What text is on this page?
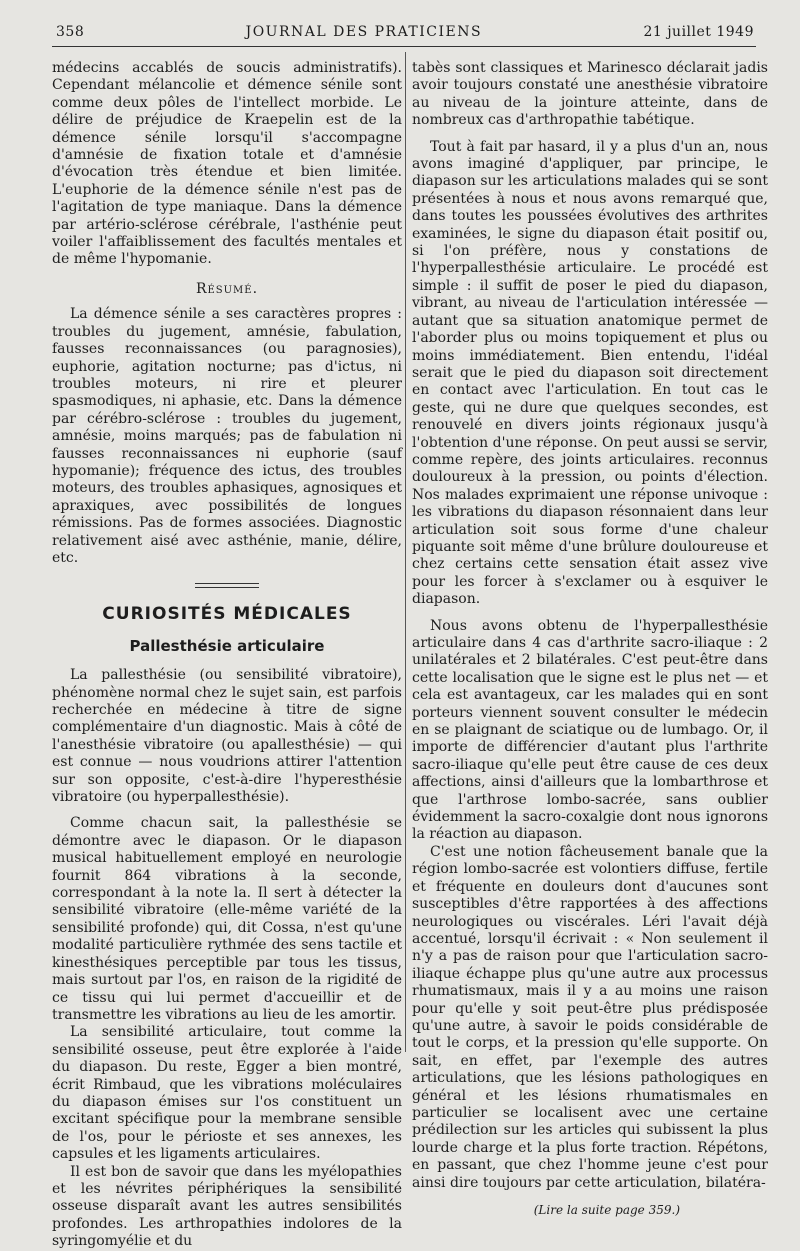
358	JOURNAL DES PRATICIENS	21 juillet 1949

médecins accablés de soucis administratifs). Cependant mélancolie et démence sénile sont comme deux pôles de l'intellect morbide. Le délire de préjudice de Kraepelin est de la démence sénile lorsqu'il s'accompagne d'amnésie de fixation totale et d'amnésie d'évocation très étendue et bien limitée. L'euphorie de la démence sénile n'est pas de l'agitation de type maniaque. Dans la démence par artério-sclérose cérébrale, l'asthénie peut voiler l'affaiblissement des facultés mentales et de même l'hypomanie.

Résumé.

La démence sénile a ses caractères propres : troubles du jugement, amnésie, fabulation, fausses reconnaissances (ou paragnosies), euphorie, agitation nocturne; pas d'ictus, ni troubles moteurs, ni rire et pleurer spasmodiques, ni aphasie, etc. Dans la démence par cérébro-sclérose : troubles du jugement, amnésie, moins marqués; pas de fabulation ni fausses reconnaissances ni euphorie (sauf hypomanie); fréquence des ictus, des troubles moteurs, des troubles aphasiques, agnosiques et apraxiques, avec possibilités de longues rémissions. Pas de formes associées. Diagnostic relativement aisé avec asthénie, manie, délire, etc.

CURIOSITÉS MÉDICALES
Pallesthésie articulaire

La pallesthésie (ou sensibilité vibratoire), phénomène normal chez le sujet sain, est parfois recherchée en médecine à titre de signe complémentaire d'un diagnostic. Mais à côté de l'anesthésie vibratoire (ou apallesthésie) — qui est connue — nous voudrions attirer l'attention sur son opposite, c'est-à-dire l'hyperesthésie vibratoire (ou hyperpallesthésie).

Comme chacun sait, la pallesthésie se démontre avec le diapason. Or le diapason musical habituellement employé en neurologie fournit 864 vibrations à la seconde, correspondant à la note la. Il sert à détecter la sensibilité vibratoire (elle-même variété de la sensibilité profonde) qui, dit Cossa, n'est qu'une modalité particulière rythmée des sens tactile et kinesthésiques perceptible par tous les tissus, mais surtout par l'os, en raison de la rigidité de ce tissu qui lui permet d'accueillir et de transmettre les vibrations au lieu de les amortir.

La sensibilité articulaire, tout comme la sensibilité osseuse, peut être explorée à l'aide du diapason. Du reste, Egger a bien montré, écrit Rimbaud, que les vibrations moléculaires du diapason émises sur l'os constituent un excitant spécifique pour la membrane sensible de l'os, pour le périoste et ses annexes, les capsules et les ligaments articulaires.

Il est bon de savoir que dans les myélopathies et les névrites périphériques la sensibilité osseuse disparaît avant les autres sensibilités profondes. Les arthropathies indolores de la syringomyélie et du

tabès sont classiques et Marinesco déclarait jadis avoir toujours constaté une anesthésie vibratoire au niveau de la jointure atteinte, dans de nombreux cas d'arthropathie tabétique.

Tout à fait par hasard, il y a plus d'un an, nous avons imaginé d'appliquer, par principe, le diapason sur les articulations malades qui se sont présentées à nous et nous avons remarqué que, dans toutes les poussées évolutives des arthrites examinées, le signe du diapason était positif ou, si l'on préfère, nous y constations de l'hyperpallesthésie articulaire. Le procédé est simple : il suffit de poser le pied du diapason, vibrant, au niveau de l'articulation intéressée — autant que sa situation anatomique permet de l'aborder plus ou moins topiquement et plus ou moins immédiatement. Bien entendu, l'idéal serait que le pied du diapason soit directement en contact avec l'articulation. En tout cas le geste, qui ne dure que quelques secondes, est renouvelé en divers joints régionaux jusqu'à l'obtention d'une réponse. On peut aussi se servir, comme repère, des joints articulaires. reconnus douloureux à la pression, ou points d'élection. Nos malades exprimaient une réponse univoque : les vibrations du diapason résonnaient dans leur articulation soit sous forme d'une chaleur piquante soit même d'une brûlure douloureuse et chez certains cette sensation était assez vive pour les forcer à s'exclamer ou à esquiver le diapason.

Nous avons obtenu de l'hyperpallesthésie articulaire dans 4 cas d'arthrite sacro-iliaque : 2 unilatérales et 2 bilatérales. C'est peut-être dans cette localisation que le signe est le plus net — et cela est avantageux, car les malades qui en sont porteurs viennent souvent consulter le médecin en se plaignant de sciatique ou de lumbago. Or, il importe de différencier d'autant plus l'arthrite sacro-iliaque qu'elle peut être cause de ces deux affections, ainsi d'ailleurs que la lombarthrose et que l'arthrose lombo-sacrée, sans oublier évidemment la sacro-coxalgie dont nous ignorons la réaction au diapason.

C'est une notion fâcheusement banale que la région lombo-sacrée est volontiers diffuse, fertile et fréquente en douleurs dont d'aucunes sont susceptibles d'être rapportées à des affections neurologiques ou viscérales. Léri l'avait déjà accentué, lorsqu'il écrivait : « Non seulement il n'y a pas de raison pour que l'articulation sacro-iliaque échappe plus qu'une autre aux processus rhumatismaux, mais il y a au moins une raison pour qu'elle y soit peut-être plus prédisposée qu'une autre, à savoir le poids considérable de tout le corps, et la pression qu'elle supporte. On sait, en effet, par l'exemple des autres articulations, que les lésions pathologiques en général et les lésions rhumatismales en particulier se localisent avec une certaine prédilection sur les articles qui subissent la plus lourde charge et la plus forte traction. Répétons, en passant, que chez l'homme jeune c'est pour ainsi dire toujours par cette articulation, bilatéra-

(Lire la suite page 359.)
